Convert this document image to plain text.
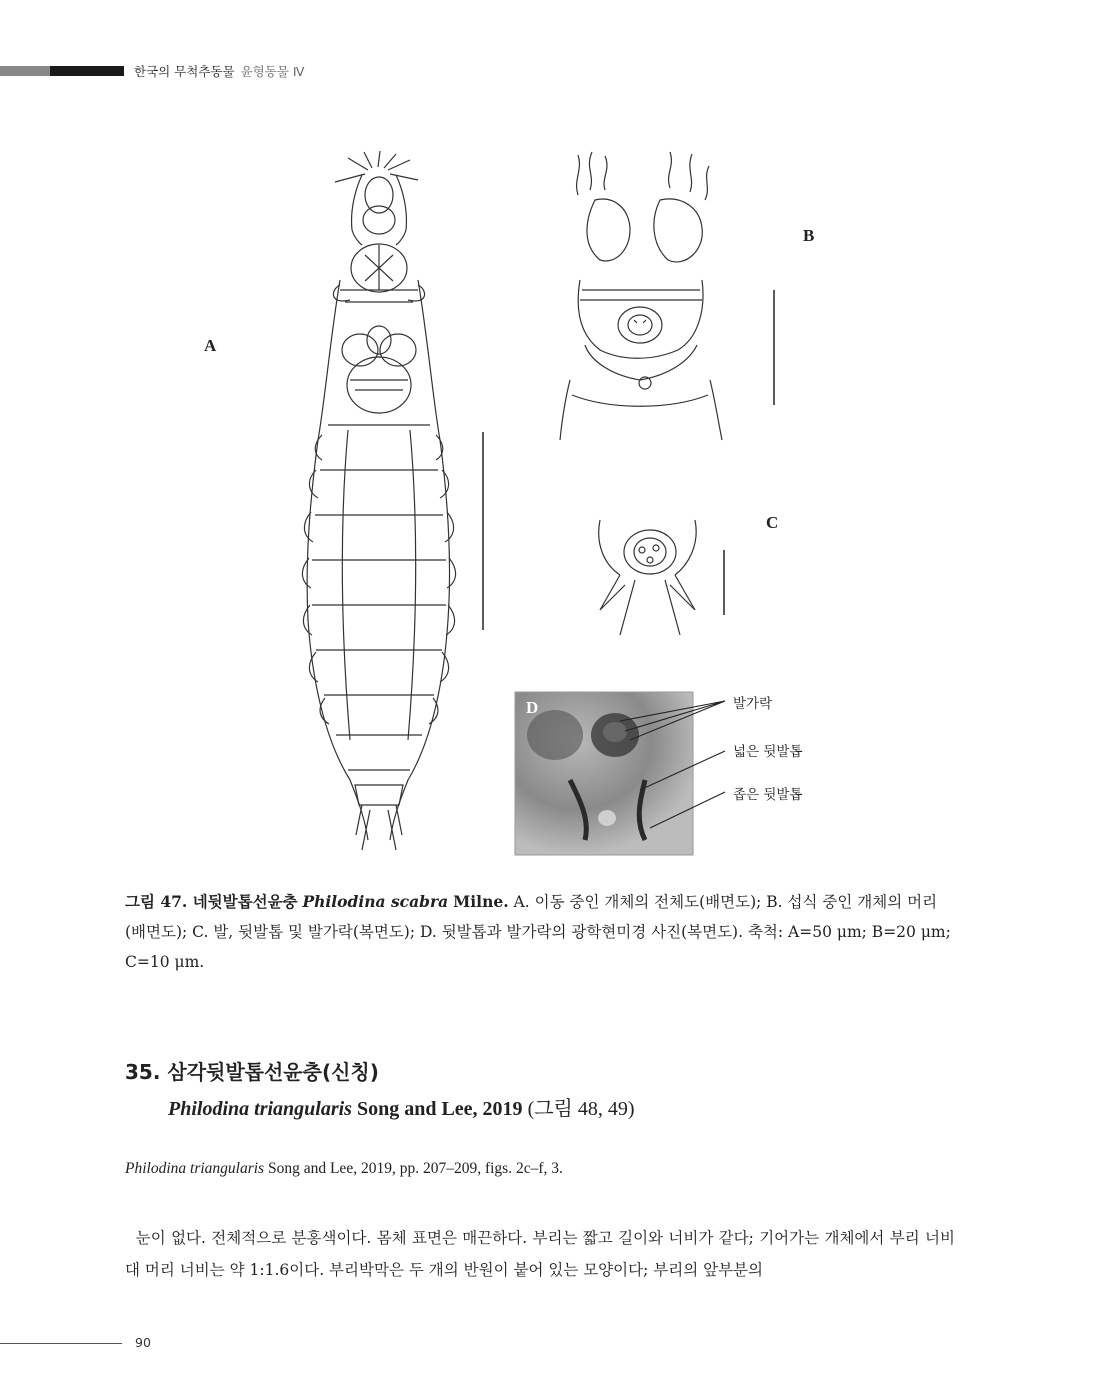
한국의 무척추동물 윤형동물 Ⅳ
A
B
C
D	발가락
넓은 뒷발톱
좁은 뒷발톱
그림 47. 네뒷발톱선윤충 Philodina scabra Milne. A. 이동 중인 개체의 전체도(배면도); B. 섭식 중인 개체의 머리(배면도); C. 발, 뒷발톱 및 발가락(복면도); D. 뒷발톱과 발가락의 광학현미경 사진(복면도). 축척: A=50 μm; B=20 μm; C=10 μm.
35. 삼각뒷발톱선윤충(신칭)
Philodina triangularis Song and Lee, 2019 (그림 48, 49)
Philodina triangularis Song and Lee, 2019, pp. 207–209, figs. 2c–f, 3.
눈이 없다. 전체적으로 분홍색이다. 몸체 표면은 매끈하다. 부리는 짧고 길이와 너비가 같다; 기어가는 개체에서 부리 너비 대 머리 너비는 약 1:1.6이다. 부리박막은 두 개의 반원이 붙어 있는 모양이다; 부리의 앞부분의
90
